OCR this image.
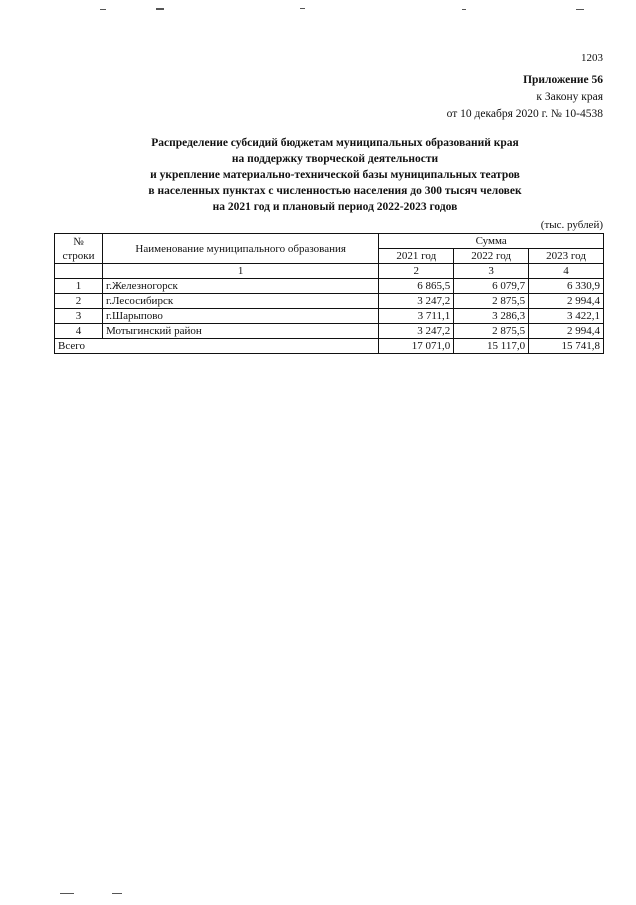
1203
Приложение 56
к Закону края
от 10 декабря 2020 г. № 10-4538
Распределение субсидий бюджетам муниципальных образований края
на поддержку творческой деятельности
и укрепление материально-технической базы муниципальных театров
в населенных пунктах с численностью населения до 300 тысяч человек
на 2021 год и плановый период 2022-2023 годов
(тыс. рублей)
№
строки	Наименование муниципального образования	Сумма		
		2021 год	2022 год	2023 год
	1	2	3	4
1	г.Железногорск	6 865,5	6 079,7	6 330,9
2	г.Лесосибирск	3 247,2	2 875,5	2 994,4
3	г.Шарыпово	3 711,1	3 286,3	3 422,1
4	Мотыгинский район	3 247,2	2 875,5	2 994,4
Всего		17 071,0	15 117,0	15 741,8
